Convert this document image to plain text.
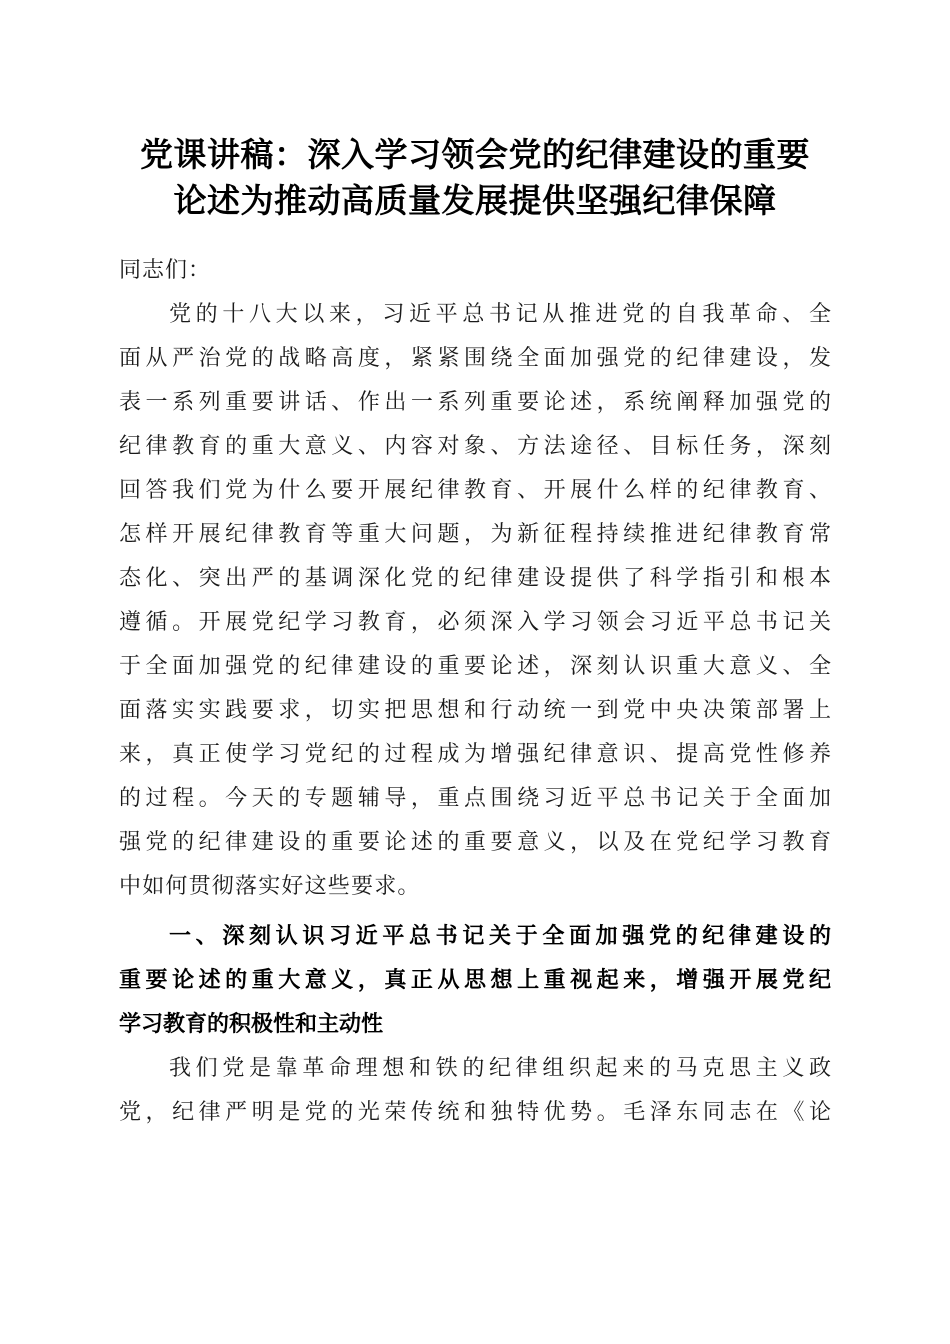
党课讲稿：深入学习领会党的纪律建设的重要
论述为推动高质量发展提供坚强纪律保障

同志们：

党的十八大以来，习近平总书记从推进党的自我革命、全
面从严治党的战略高度，紧紧围绕全面加强党的纪律建设，发
表一系列重要讲话、作出一系列重要论述，系统阐释加强党的
纪律教育的重大意义、内容对象、方法途径、目标任务，深刻
回答我们党为什么要开展纪律教育、开展什么样的纪律教育、
怎样开展纪律教育等重大问题，为新征程持续推进纪律教育常
态化、突出严的基调深化党的纪律建设提供了科学指引和根本
遵循。开展党纪学习教育，必须深入学习领会习近平总书记关
于全面加强党的纪律建设的重要论述，深刻认识重大意义、全
面落实实践要求，切实把思想和行动统一到党中央决策部署上
来，真正使学习党纪的过程成为增强纪律意识、提高党性修养
的过程。今天的专题辅导，重点围绕习近平总书记关于全面加
强党的纪律建设的重要论述的重要意义，以及在党纪学习教育
中如何贯彻落实好这些要求。
一、深刻认识习近平总书记关于全面加强党的纪律建设的
重要论述的重大意义，真正从思想上重视起来，增强开展党纪
学习教育的积极性和主动性
我们党是靠革命理想和铁的纪律组织起来的马克思主义政
党，纪律严明是党的光荣传统和独特优势。毛泽东同志在《论
